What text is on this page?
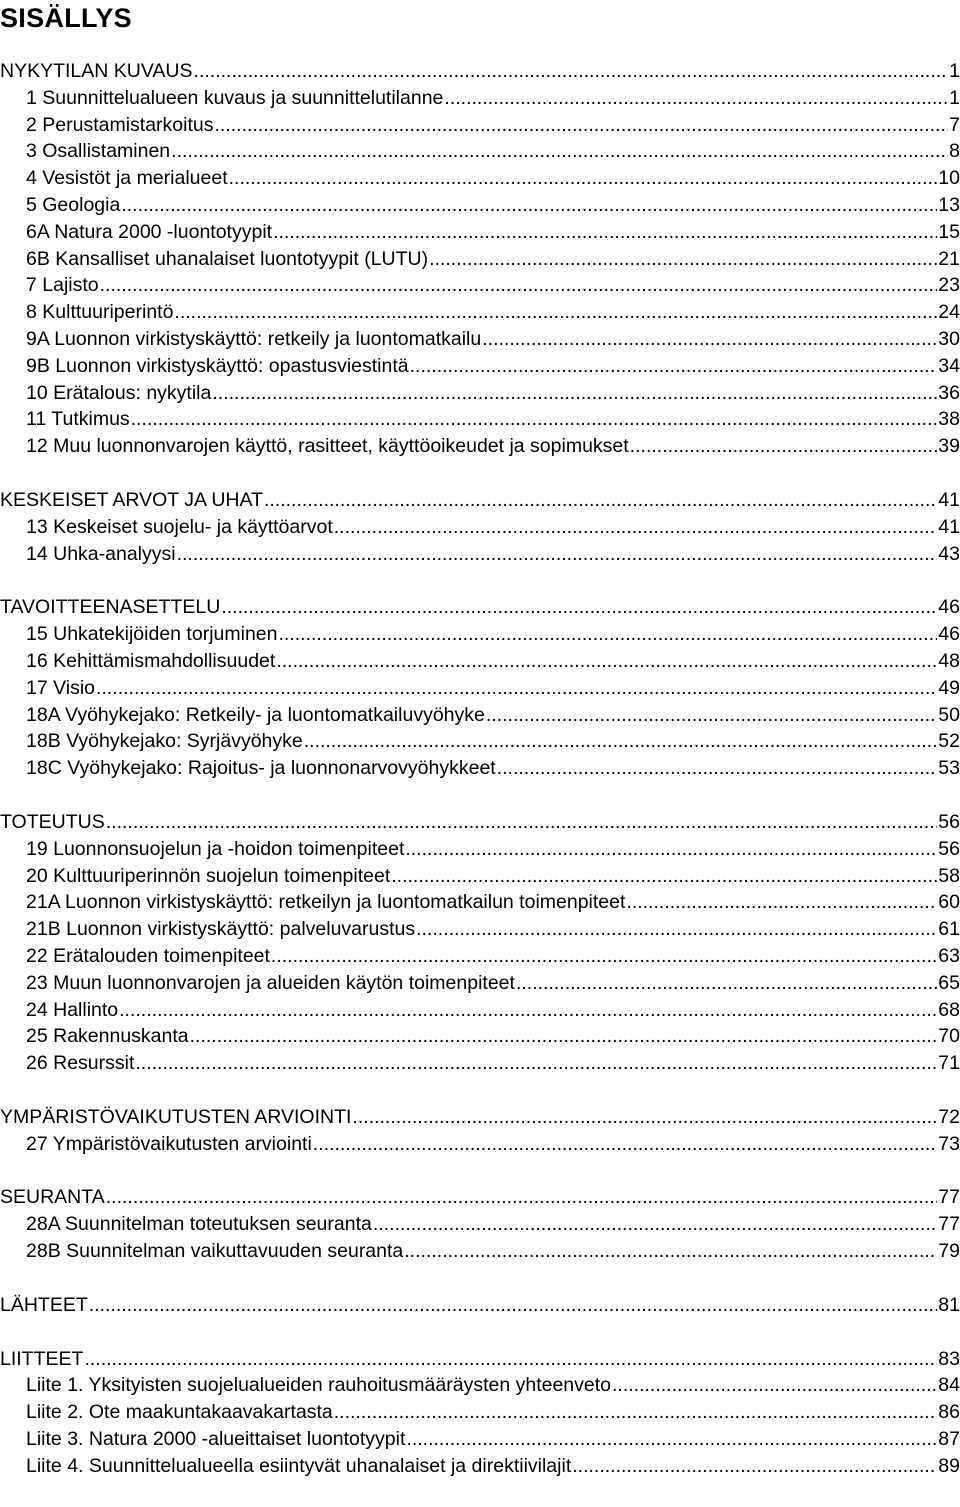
SISÄLLYS
NYKYTILAN KUVAUS .....	1
1 Suunnittelualueen kuvaus ja suunnittelutilanne .....	1
2 Perustamistarkoitus .....	7
3 Osallistaminen .....	8
4 Vesistöt ja merialueet .....	10
5 Geologia .....	13
6A Natura 2000 -luontotyypit .....	15
6B Kansalliset uhanalaiset luontotyypit (LUTU) .....	21
7 Lajisto .....	23
8 Kulttuuriperintö .....	24
9A Luonnon virkistyskäyttö: retkeily ja luontomatkailu .....	30
9B Luonnon virkistyskäyttö: opastusviestintä .....	34
10 Erätalous: nykytila .....	36
11 Tutkimus .....	38
12 Muu luonnonvarojen käyttö, rasitteet, käyttöoikeudet ja sopimukset .....	39
KESKEISET ARVOT JA UHAT .....	41
13 Keskeiset suojelu- ja käyttöarvot .....	41
14 Uhka-analyysi .....	43
TAVOITTEENASETTELU .....	46
15 Uhkatekijöiden torjuminen .....	46
16 Kehittämismahdollisuudet .....	48
17 Visio .....	49
18A Vyöhykejako: Retkeily- ja luontomatkailuvyöhyke .....	50
18B Vyöhykejako: Syrjävyöhyke .....	52
18C Vyöhykejako: Rajoitus- ja luonnonarvovyöhykkeet .....	53
TOTEUTUS .....	56
19 Luonnonsuojelun ja -hoidon toimenpiteet .....	56
20 Kulttuuriperinnön suojelun toimenpiteet .....	58
21A Luonnon virkistyskäyttö: retkeilyn ja luontomatkailun toimenpiteet .....	60
21B Luonnon virkistyskäyttö: palveluvarustus .....	61
22 Erätalouden toimenpiteet .....	63
23 Muun luonnonvarojen ja alueiden käytön toimenpiteet .....	65
24 Hallinto .....	68
25 Rakennuskanta .....	70
26 Resurssit .....	71
YMPÄRISTÖVAIKUTUSTEN ARVIOINTI .....	72
27 Ympäristövaikutusten arviointi .....	73
SEURANTA .....	77
28A Suunnitelman toteutuksen seuranta .....	77
28B Suunnitelman vaikuttavuuden seuranta .....	79
LÄHTEET .....	81
LIITTEET .....	83
Liite 1. Yksityisten suojelualueiden rauhoitusmääräysten yhteenveto .....	84
Liite 2. Ote maakuntakaavakartasta .....	86
Liite 3. Natura 2000 -alueittaiset luontotyypit .....	87
Liite 4. Suunnittelualueella esiintyvät uhanalaiset ja direktiivilajit .....	89
